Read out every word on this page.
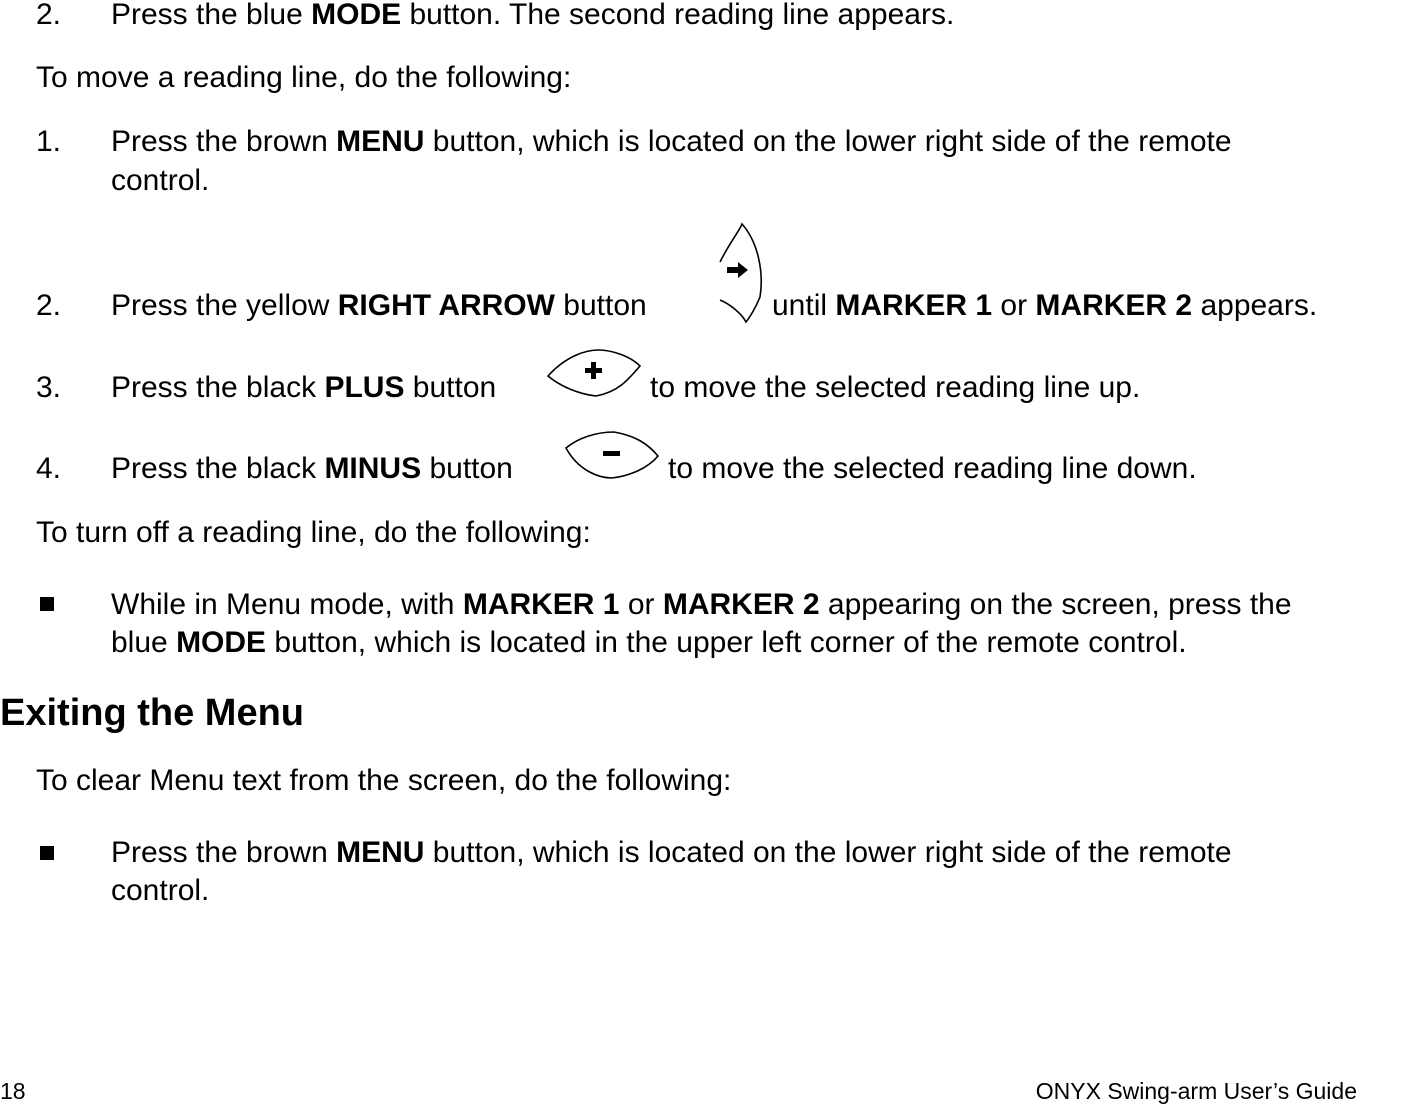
2. Press the blue MODE button. The second reading line appears.
To move a reading line, do the following:
1. Press the brown MENU button, which is located on the lower right side of the remote
control.
2. Press the yellow RIGHT ARROW button	until MARKER 1 or MARKER 2 appears.
3. Press the black PLUS button	to move the selected reading line up.
4. Press the black MINUS button	to move the selected reading line down.
To turn off a reading line, do the following:
While in Menu mode, with MARKER 1 or MARKER 2 appearing on the screen, press the
blue MODE button, which is located in the upper left corner of the remote control.
Exiting the Menu
To clear Menu text from the screen, do the following:
Press the brown MENU button, which is located on the lower right side of the remote
control.
18	ONYX Swing-arm User’s Guide
